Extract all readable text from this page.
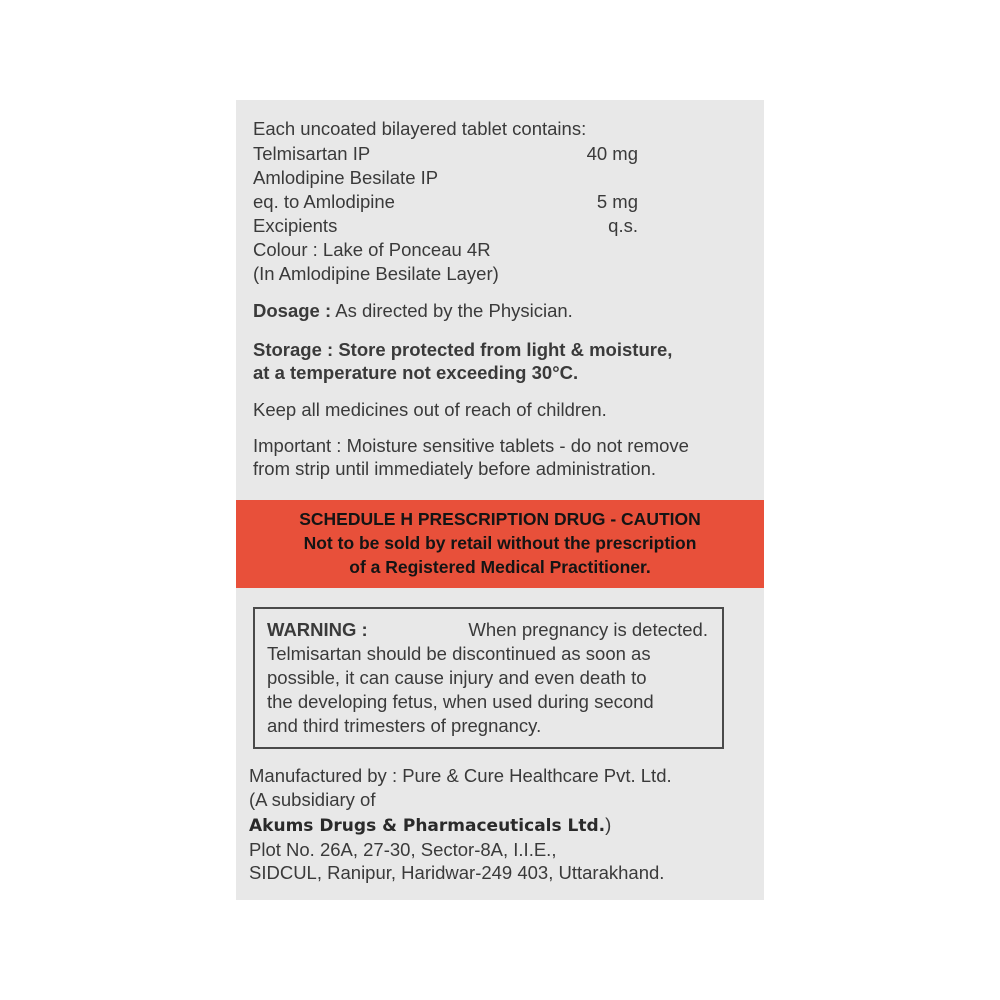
Each uncoated bilayered tablet contains:
Telmisartan IP	40 mg
Amlodipine Besilate IP
eq. to Amlodipine	5 mg
Excipients	q.s.
Colour : Lake of Ponceau 4R
(In Amlodipine Besilate Layer)
Dosage : As directed by the Physician.
Storage : Store protected from light & moisture,
at a temperature not exceeding 30°C.
Keep all medicines out of reach of children.
Important : Moisture sensitive tablets - do not remove
from strip until immediately before administration.
SCHEDULE H PRESCRIPTION DRUG - CAUTION
Not to be sold by retail without the prescription
of a Registered Medical Practitioner.
WARNING :	When pregnancy is detected.
Telmisartan should be discontinued as soon as
possible, it can cause injury and even death to
the developing fetus, when used during second
and third trimesters of pregnancy.
Manufactured by : Pure & Cure Healthcare Pvt. Ltd.
(A subsidiary of
Akums Drugs & Pharmaceuticals Ltd.)
Plot No. 26A, 27-30, Sector-8A, I.I.E.,
SIDCUL, Ranipur, Haridwar-249 403, Uttarakhand.
